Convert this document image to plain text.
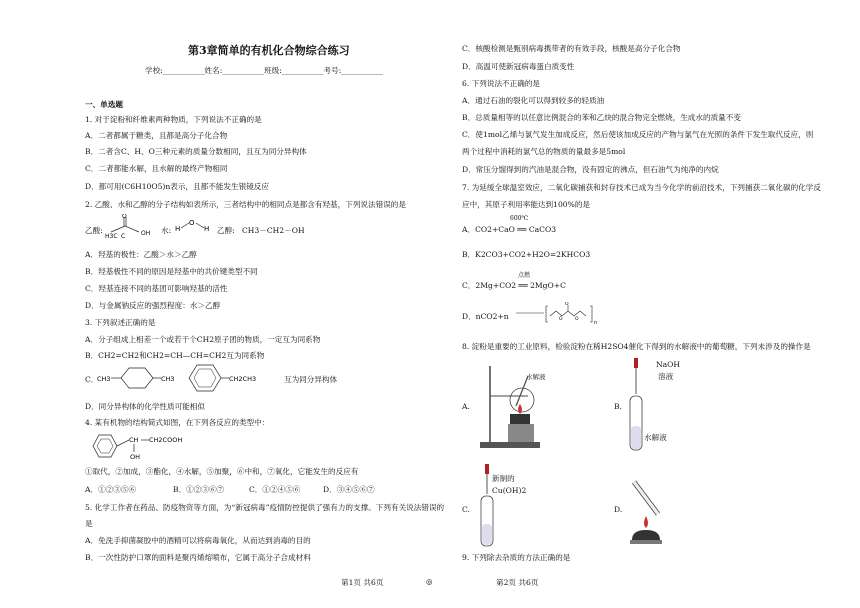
第3章简单的有机化合物综合练习
学校:___________姓名:___________班级:___________考号:___________
一、单选题
1. 对于淀粉和纤维素两种物质，下列说法不正确的是
A．二者都属于糖类，且都是高分子化合物
B．二者含C、H、O三种元素的质量分数相同，且互为同分异构体
C．二者都能水解，且水解的最终产物相同
D．都可用(C6H10O5)n表示，且都不能发生银镜反应
2. 乙酸、水和乙醇的分子结构如表所示，三者结构中的相同点是都含有羟基，下列说法错误的是
乙酸:
O
H3C C	OH 水: H
O
H 乙醇: CH3－CH2－OH
A．羟基的极性：乙酸＞水＞乙醇
B．羟基极性不同的原因是羟基中的共价键类型不同
C．羟基连接不同的基团可影响羟基的活性
D．与金属钠反应的强烈程度：水＞乙醇
3. 下列叙述正确的是
A．分子组成上相差一个或若干个CH2原子团的物质，一定互为同系物
B．CH2=CH2和CH2=CH—CH=CH2互为同系物
C．
CH3	CH3	CH2CH3	互为同分异构体
D．同分异构体的化学性质可能相似
4. 某有机物的结构简式如图，在下列各反应的类型中：
CH CH2COOH
OH
①取代，②加成，③酯化，④水解，⑤加聚，⑥中和，⑦氧化，它能发生的反应有
A．①②③⑤⑥	B．①②③⑥⑦	C．①②④⑤⑥	D．③④⑤⑥⑦
5. 化学工作者在药品、防疫物资等方面，为“新冠病毒”疫情防控提供了强有力的支撑。下列有关说法错误的
是
A．免洗手抑菌凝胶中的酒精可以将病毒氧化，从而达到消毒的目的
B．一次性防护口罩的面料是聚丙烯熔喷布，它属于高分子合成材料
C．核酸检测是甄别病毒携带者的有效手段，核酸是高分子化合物
D．高温可使新冠病毒蛋白质变性
6. 下列说法不正确的是
A．通过石油的裂化可以得到较多的轻质油
B．总质量相等的以任意比例混合的苯和乙炔的混合物完全燃烧，生成水的质量不变
C．使1mol乙烯与氯气发生加成反应，然后使该加成反应的产物与氯气在光照的条件下发生取代反应，则
两个过程中消耗的氯气总的物质的量最多是5mol
D．常压分馏得到的汽油是混合物，没有固定的沸点，但石油气为纯净的内烷
7. 为延缓全球温室效应，二氧化碳捕获和封存技术已成为当今化学的前沿技术，下列捕获二氧化碳的化学反
应中，其原子利用率能达到100%的是
600℃
A．CO2+CaO ══ CaCO3
B．K2CO3+CO2+H2O=2KHCO3
点燃
C．2Mg+CO2 ══ 2MgO+C
D．nCO2+n
O
O	O
n
8. 淀粉是重要的工业原料，检验淀粉在稀H2SO4催化下得到的水解液中的葡萄糖，下列未涉及的操作是
A.
水解液
B.
NaOH
溶液
水解液
C.
新制的
Cu(OH)2
D.
9. 下列除去杂质的方法正确的是
第1页 共6页	◎	第2页 共6页
